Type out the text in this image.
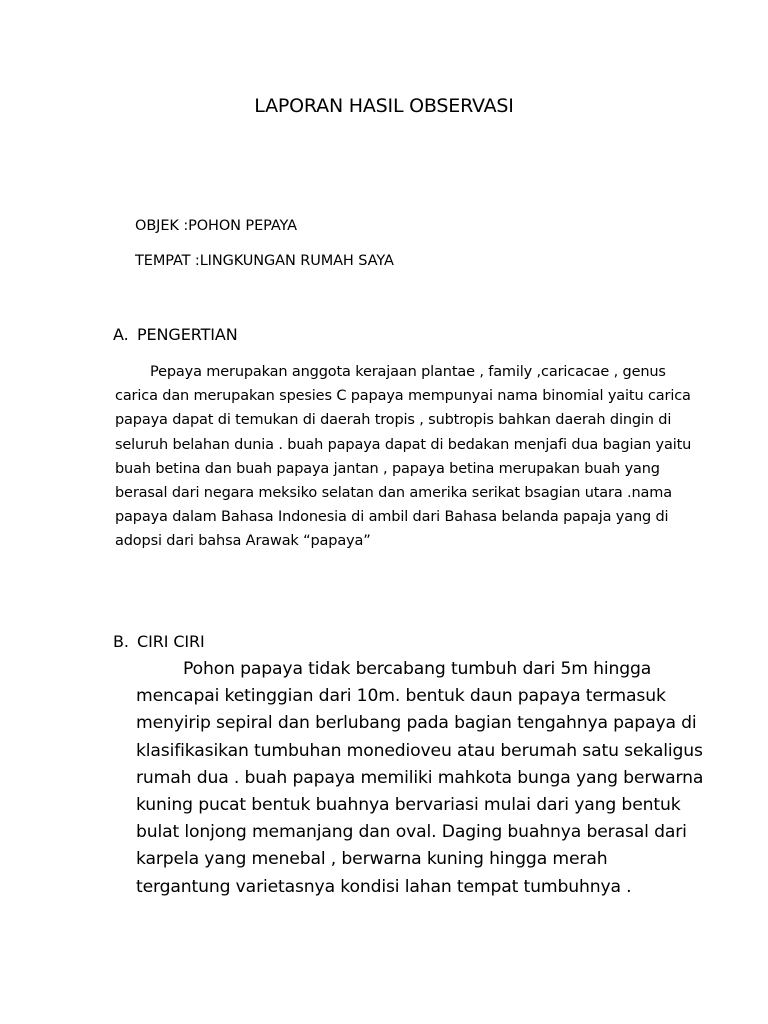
LAPORAN HASIL OBSERVASI
OBJEK :POHON PEPAYA
TEMPAT :LINGKUNGAN RUMAH SAYA
A. PENGERTIAN
Pepaya merupakan anggota kerajaan plantae , family ,caricacae , genus
carica dan merupakan spesies C papaya mempunyai nama binomial yaitu carica
papaya dapat di temukan di daerah tropis , subtropis bahkan daerah dingin di
seluruh belahan dunia . buah papaya dapat di bedakan menjafi dua bagian yaitu
buah betina dan buah papaya jantan , papaya betina merupakan buah yang
berasal dari negara meksiko selatan dan amerika serikat bsagian utara .nama
papaya dalam Bahasa Indonesia di ambil dari Bahasa belanda papaja yang di
adopsi dari bahsa Arawak “papaya”
B. CIRI CIRI
Pohon papaya tidak bercabang tumbuh dari 5m hingga
mencapai ketinggian dari 10m. bentuk daun papaya termasuk
menyirip sepiral dan berlubang pada bagian tengahnya papaya di
klasifikasikan tumbuhan monedioveu atau berumah satu sekaligus
rumah dua . buah papaya memiliki mahkota bunga yang berwarna
kuning pucat bentuk buahnya bervariasi mulai dari yang bentuk
bulat lonjong memanjang dan oval. Daging buahnya berasal dari
karpela yang menebal , berwarna kuning hingga merah
tergantung varietasnya kondisi lahan tempat tumbuhnya .
